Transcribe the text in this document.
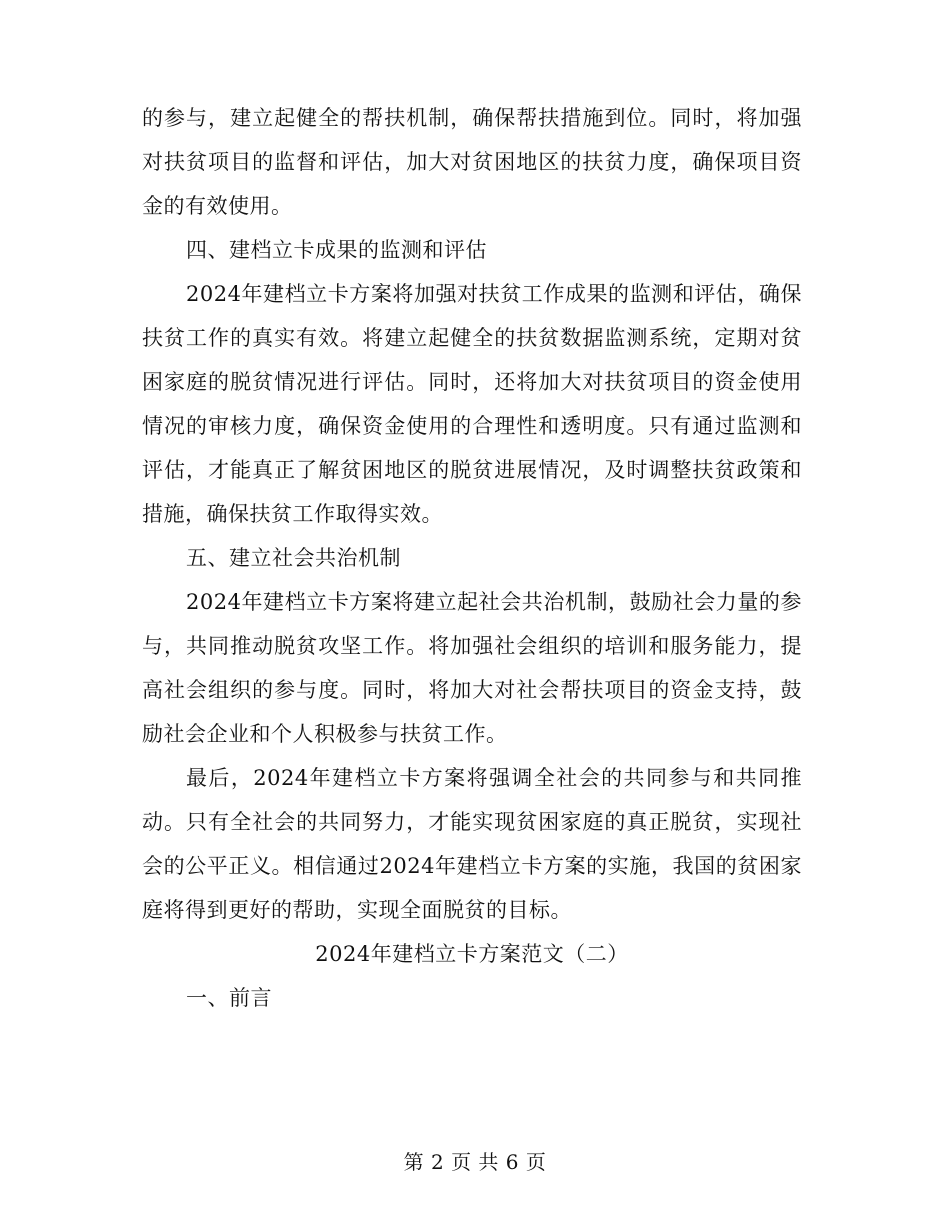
的参与，建立起健全的帮扶机制，确保帮扶措施到位。同时，将加强对扶贫项目的监督和评估，加大对贫困地区的扶贫力度，确保项目资金的有效使用。

四、建档立卡成果的监测和评估

2024年建档立卡方案将加强对扶贫工作成果的监测和评估，确保扶贫工作的真实有效。将建立起健全的扶贫数据监测系统，定期对贫困家庭的脱贫情况进行评估。同时，还将加大对扶贫项目的资金使用情况的审核力度，确保资金使用的合理性和透明度。只有通过监测和评估，才能真正了解贫困地区的脱贫进展情况，及时调整扶贫政策和措施，确保扶贫工作取得实效。

五、建立社会共治机制

2024年建档立卡方案将建立起社会共治机制，鼓励社会力量的参与，共同推动脱贫攻坚工作。将加强社会组织的培训和服务能力，提高社会组织的参与度。同时，将加大对社会帮扶项目的资金支持，鼓励社会企业和个人积极参与扶贫工作。

最后，2024年建档立卡方案将强调全社会的共同参与和共同推动。只有全社会的共同努力，才能实现贫困家庭的真正脱贫，实现社会的公平正义。相信通过2024年建档立卡方案的实施，我国的贫困家庭将得到更好的帮助，实现全面脱贫的目标。

2024年建档立卡方案范文（二）

一、前言

第 2 页 共 6 页
